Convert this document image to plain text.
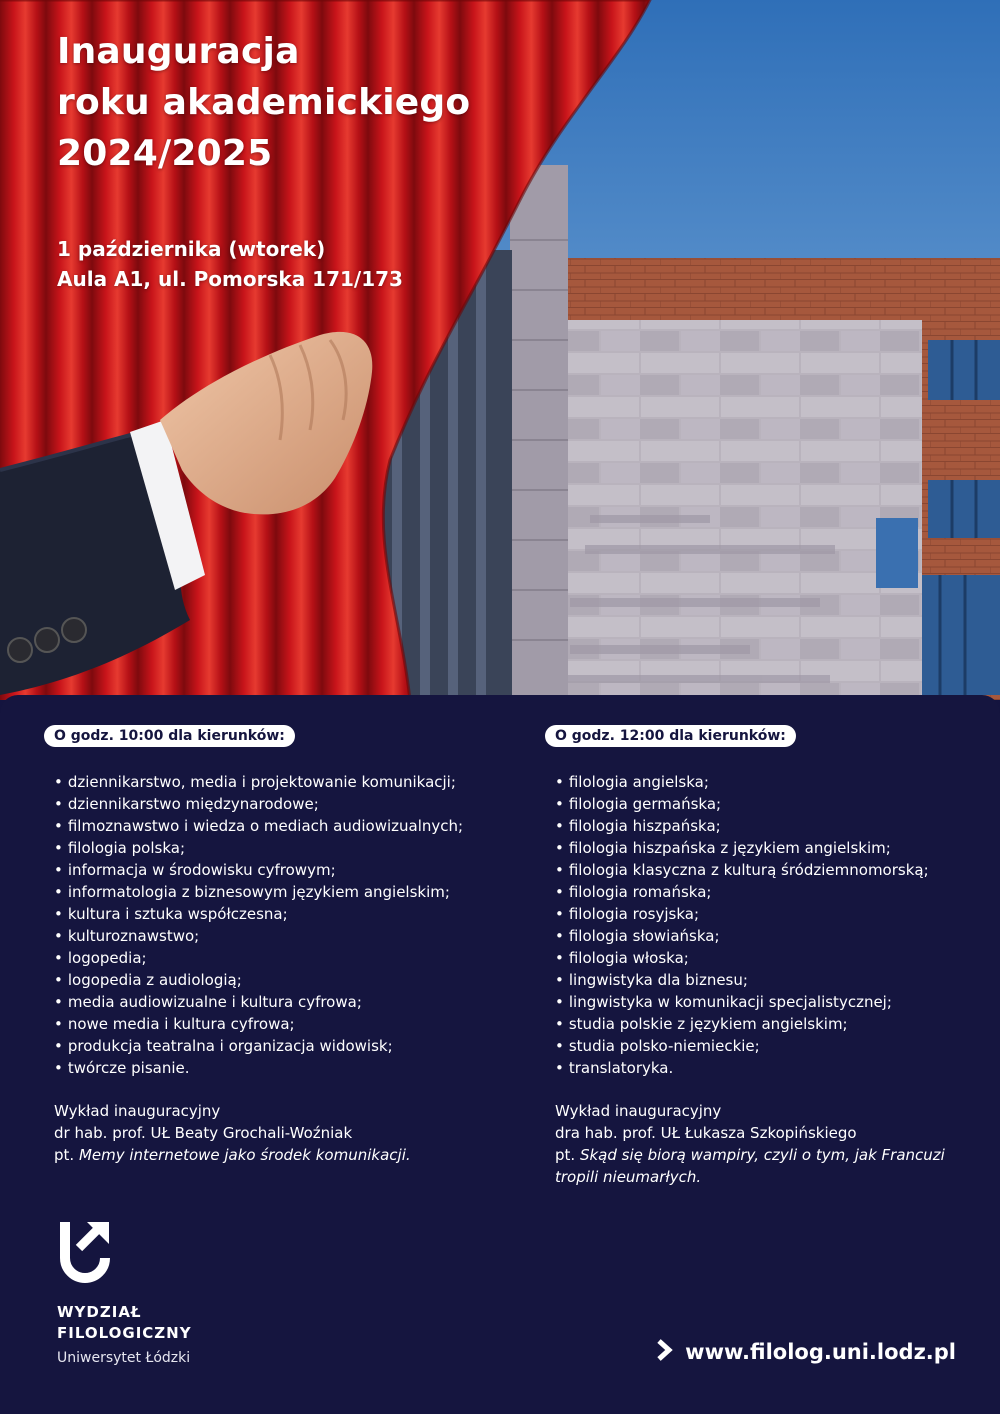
Inauguracja
roku akademickiego
2024/2025
1 października (wtorek)
Aula A1, ul. Pomorska 171/173
O godz. 10:00 dla kierunków:
• dziennikarstwo, media i projektowanie komunikacji;
• dziennikarstwo międzynarodowe;
• filmoznawstwo i wiedza o mediach audiowizualnych;
• filologia polska;
• informacja w środowisku cyfrowym;
• informatologia z biznesowym językiem angielskim;
• kultura i sztuka współczesna;
• kulturoznawstwo;
• logopedia;
• logopedia z audiologią;
• media audiowizualne i kultura cyfrowa;
• nowe media i kultura cyfrowa;
• produkcja teatralna i organizacja widowisk;
• twórcze pisanie.
Wykład inauguracyjny
dr hab. prof. UŁ Beaty Grochali-Woźniak
pt. Memy internetowe jako środek komunikacji.
O godz. 12:00 dla kierunków:
• filologia angielska;
• filologia germańska;
• filologia hiszpańska;
• filologia hiszpańska z językiem angielskim;
• filologia klasyczna z kulturą śródziemnomorską;
• filologia romańska;
• filologia rosyjska;
• filologia słowiańska;
• filologia włoska;
• lingwistyka dla biznesu;
• lingwistyka w komunikacji specjalistycznej;
• studia polskie z językiem angielskim;
• studia polsko-niemieckie;
• translatoryka.
Wykład inauguracyjny
dra hab. prof. UŁ Łukasza Szkopińskiego
pt. Skąd się biorą wampiry, czyli o tym, jak Francuzi tropili nieumarłych.
WYDZIAŁ
FILOLOGICZNY
Uniwersytet Łódzki	www.filolog.uni.lodz.pl
